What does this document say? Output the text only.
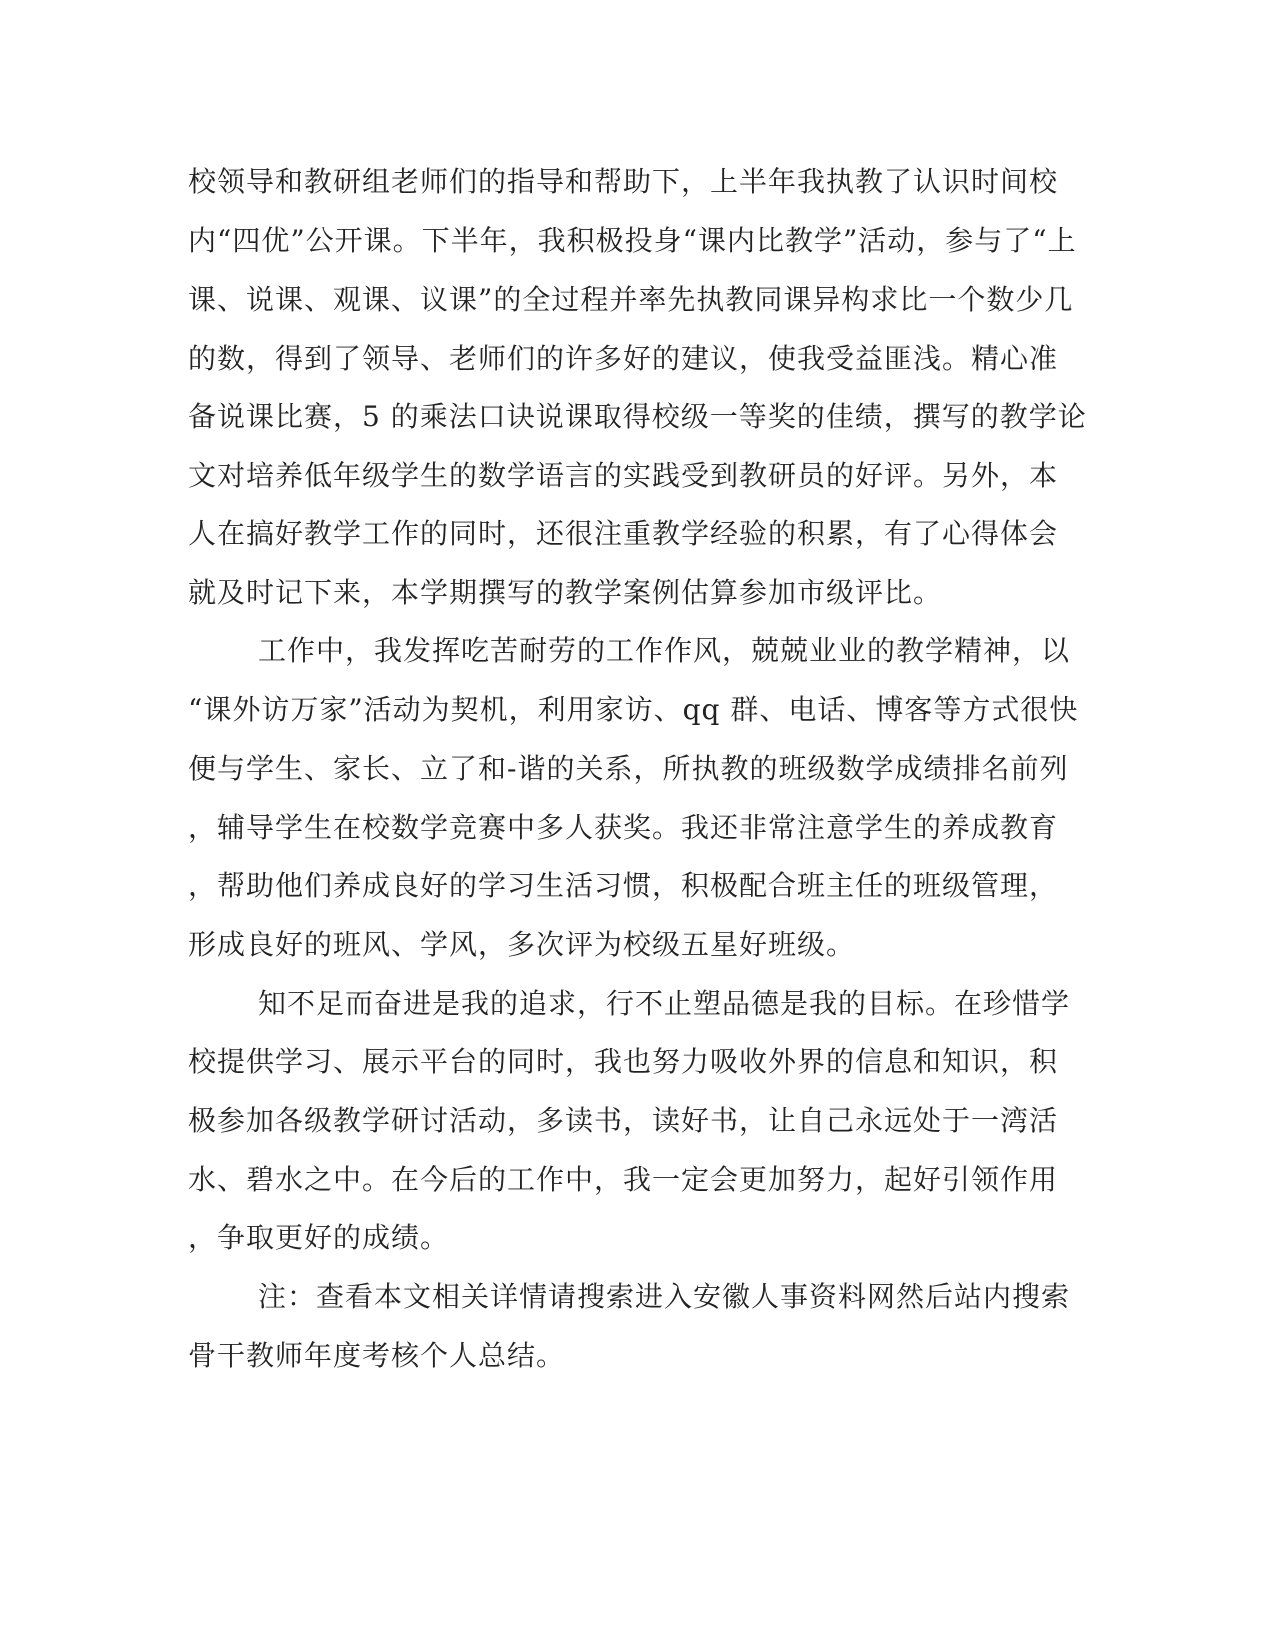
校领导和教研组老师们的指导和帮助下，上半年我执教了认识时间校
内“四优”公开课。下半年，我积极投身“课内比教学”活动，参与了“上
课、说课、观课、议课”的全过程并率先执教同课异构求比一个数少几
的数，得到了领导、老师们的许多好的建议，使我受益匪浅。精心准
备说课比赛，5 的乘法口诀说课取得校级一等奖的佳绩，撰写的教学论
文对培养低年级学生的数学语言的实践受到教研员的好评。另外，本
人在搞好教学工作的同时，还很注重教学经验的积累，有了心得体会
就及时记下来，本学期撰写的教学案例估算参加市级评比。
工作中，我发挥吃苦耐劳的工作作风，兢兢业业的教学精神，以
“课外访万家”活动为契机，利用家访、qq 群、电话、博客等方式很快
便与学生、家长、立了和-谐的关系，所执教的班级数学成绩排名前列
，辅导学生在校数学竞赛中多人获奖。我还非常注意学生的养成教育
，帮助他们养成良好的学习生活习惯，积极配合班主任的班级管理，
形成良好的班风、学风，多次评为校级五星好班级。
知不足而奋进是我的追求，行不止塑品德是我的目标。在珍惜学
校提供学习、展示平台的同时，我也努力吸收外界的信息和知识，积
极参加各级教学研讨活动，多读书，读好书，让自己永远处于一湾活
水、碧水之中。在今后的工作中，我一定会更加努力，起好引领作用
，争取更好的成绩。
注：查看本文相关详情请搜索进入安徽人事资料网然后站内搜索
骨干教师年度考核个人总结。
